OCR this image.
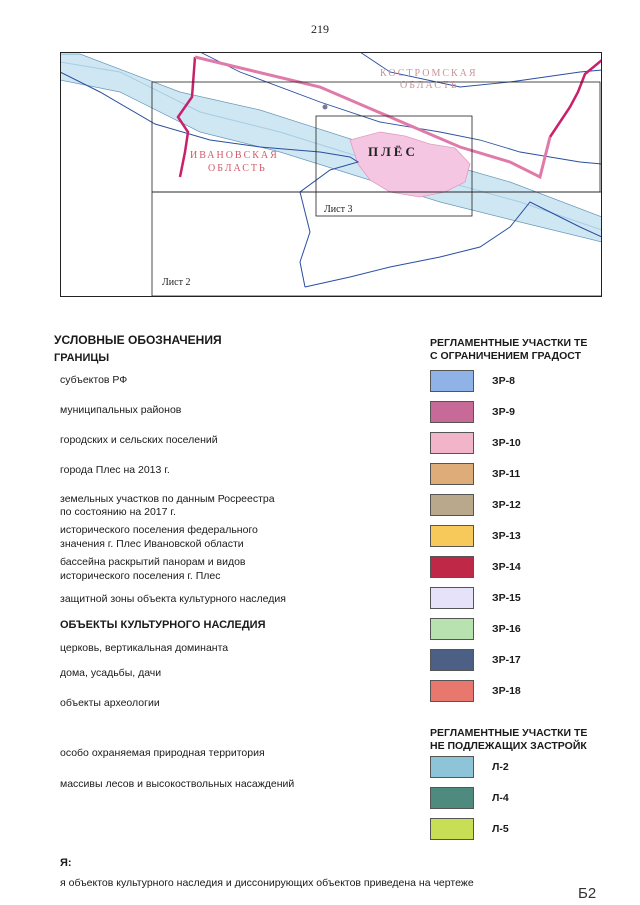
219
КОСТРОМСКАЯ
ОБЛАСТЬ
ИВАНОВСКАЯ
ОБЛАСТЬ
ПЛЁС
Лист 2
Лист 3
УСЛОВНЫЕ ОБОЗНАЧЕНИЯ
ГРАНИЦЫ
субъектов РФ
муниципальных районов
городских и сельских поселений
города Плес на 2013 г.
земельных участков по данным Росреестра
по состоянию на 2017 г.
исторического поселения федерального
значения г. Плес Ивановской области
бассейна раскрытий панорам и видов
исторического поселения г. Плес
защитной зоны объекта культурного наследия
ОБЪЕКТЫ КУЛЬТУРНОГО НАСЛЕДИЯ
церковь, вертикальная доминанта
дома, усадьбы, дачи
объекты археологии
особо охраняемая природная территория
массивы лесов и высокоствольных насаждений
РЕГЛАМЕНТНЫЕ УЧАСТКИ ТЕ
С ОГРАНИЧЕНИЕМ ГРАДОСТ
ЗР-8
ЗР-9
ЗР-10
ЗР-11
ЗР-12
ЗР-13
ЗР-14
ЗР-15
ЗР-16
ЗР-17
ЗР-18
РЕГЛАМЕНТНЫЕ УЧАСТКИ ТЕ
НЕ ПОДЛЕЖАЩИХ ЗАСТРОЙК
Л-2
Л-4
Л-5
Я:
я объектов культурного наследия и диссонирующих объектов приведена на чертеже
Б2
